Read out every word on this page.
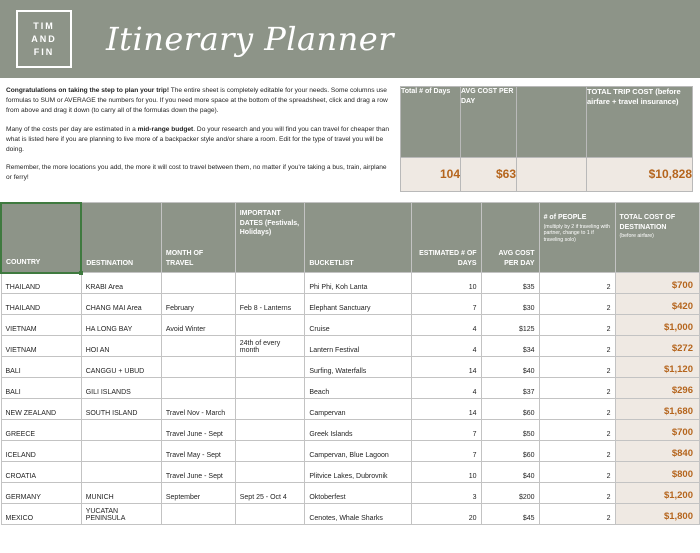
TIM
AND
FIN Itinerary Planner

Congratulations on taking the step to plan your trip! The entire sheet is completely editable for your needs. Some columns use formulas to SUM or AVERAGE the numbers for you. If you need more space at the bottom of the spreadsheet, click and drag a row from above and drag it down (to carry all of the formulas down the page).

Many of the costs per day are estimated in a mid-range budget. Do your research and you will find you can travel for cheaper than what is listed here if you are planning to live more of a backpacker style and/or share a room. Edit for the type of travel you will be doing.

Remember, the more locations you add, the more it will cost to travel between them, no matter if you're taking a bus, train, airplane or ferry!

Total # of Days	AVG COST PER DAY		TOTAL TRIP COST (before airfare + travel insurance)
104	$63		$10,828
COUNTRY	DESTINATION	MONTH OF TRAVEL	IMPORTANT DATES (Festivals, Holidays)	BUCKETLIST	ESTIMATED # OF DAYS	AVG COST PER DAY	# of PEOPLE
(multiply by 2 if traveling with partner, change to 1 if traveling solo)	TOTAL COST OF DESTINATION
(before airfare)

THAILAND	KRABI Area			Phi Phi, Koh Lanta	10	$35	2	$700
THAILAND	CHANG MAI Area	February	Feb 8 - Lanterns	Elephant Sanctuary	7	$30	2	$420
VIETNAM	HA LONG BAY	Avoid Winter		Cruise	4	$125	2	$1,000
VIETNAM	HOI AN		24th of every month	Lantern Festival	4	$34	2	$272
BALI	CANGGU + UBUD			Surfing, Waterfalls	14	$40	2	$1,120
BALI	GILI ISLANDS			Beach	4	$37	2	$296
NEW ZEALAND	SOUTH ISLAND	Travel Nov - March		Campervan	14	$60	2	$1,680
GREECE		Travel June - Sept		Greek Islands	7	$50	2	$700
ICELAND		Travel May - Sept		Campervan, Blue Lagoon	7	$60	2	$840
CROATIA		Travel June - Sept		Plitvice Lakes, Dubrovnik	10	$40	2	$800
GERMANY	MUNICH	September	Sept 25 - Oct 4	Oktoberfest	3	$200	2	$1,200
MEXICO	YUCATAN PENINSULA			Cenotes, Whale Sharks	20	$45	2	$1,800
